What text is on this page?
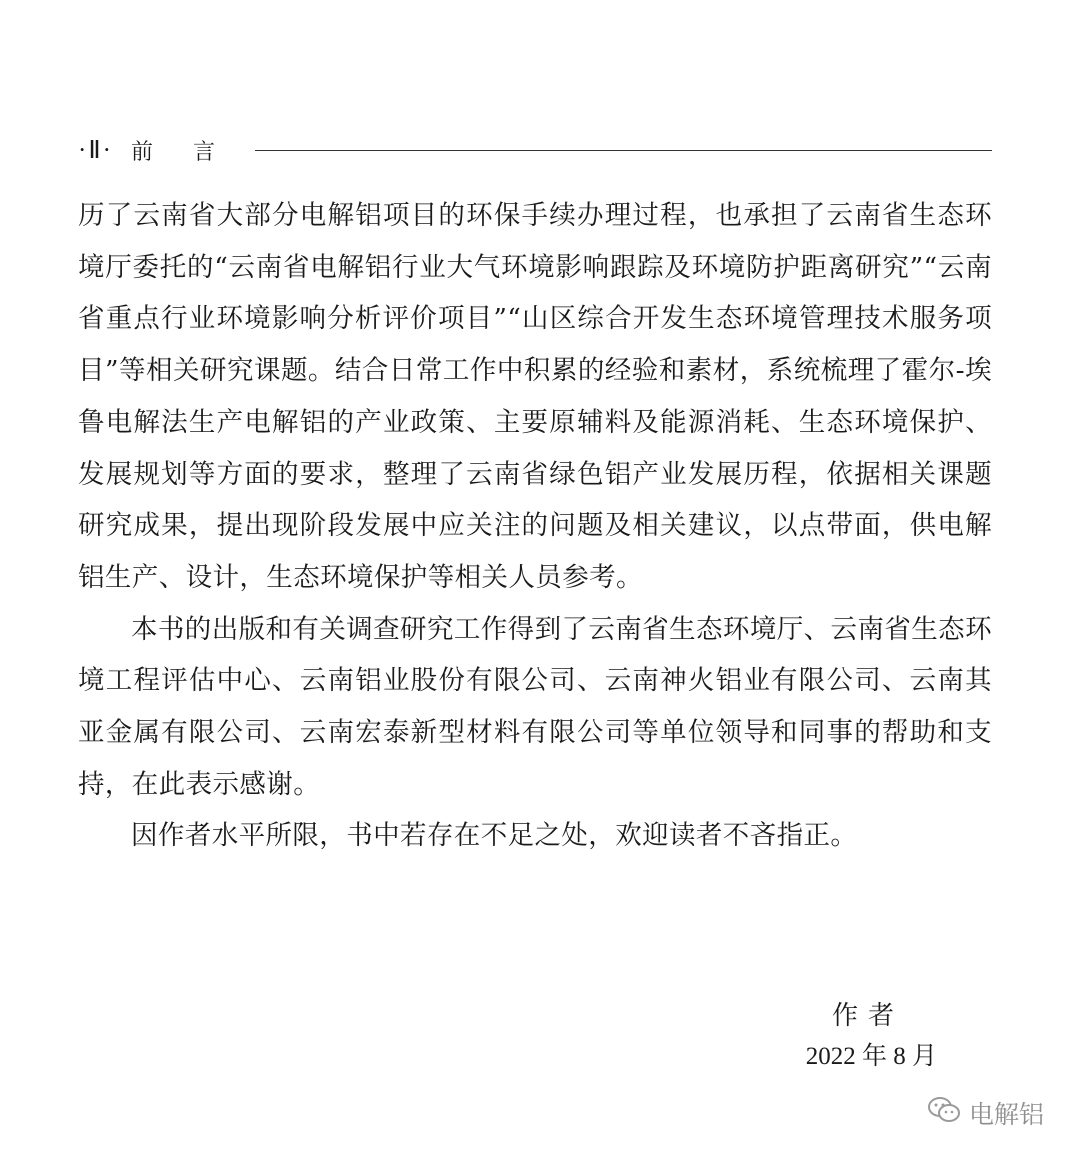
·Ⅱ· 前言

历了云南省大部分电解铝项目的环保手续办理过程，也承担了云南省生态环境厅委托的“云南省电解铝行业大气环境影响跟踪及环境防护距离研究”“云南省重点行业环境影响分析评价项目”“山区综合开发生态环境管理技术服务项目”等相关研究课题。结合日常工作中积累的经验和素材，系统梳理了霍尔-埃鲁电解法生产电解铝的产业政策、主要原辅料及能源消耗、生态环境保护、发展规划等方面的要求，整理了云南省绿色铝产业发展历程，依据相关课题研究成果，提出现阶段发展中应关注的问题及相关建议，以点带面，供电解铝生产、设计，生态环境保护等相关人员参考。

本书的出版和有关调查研究工作得到了云南省生态环境厅、云南省生态环境工程评估中心、云南铝业股份有限公司、云南神火铝业有限公司、云南其亚金属有限公司、云南宏泰新型材料有限公司等单位领导和同事的帮助和支持，在此表示感谢。

因作者水平所限，书中若存在不足之处，欢迎读者不吝指正。

作者
2022 年 8 月
电解铝
